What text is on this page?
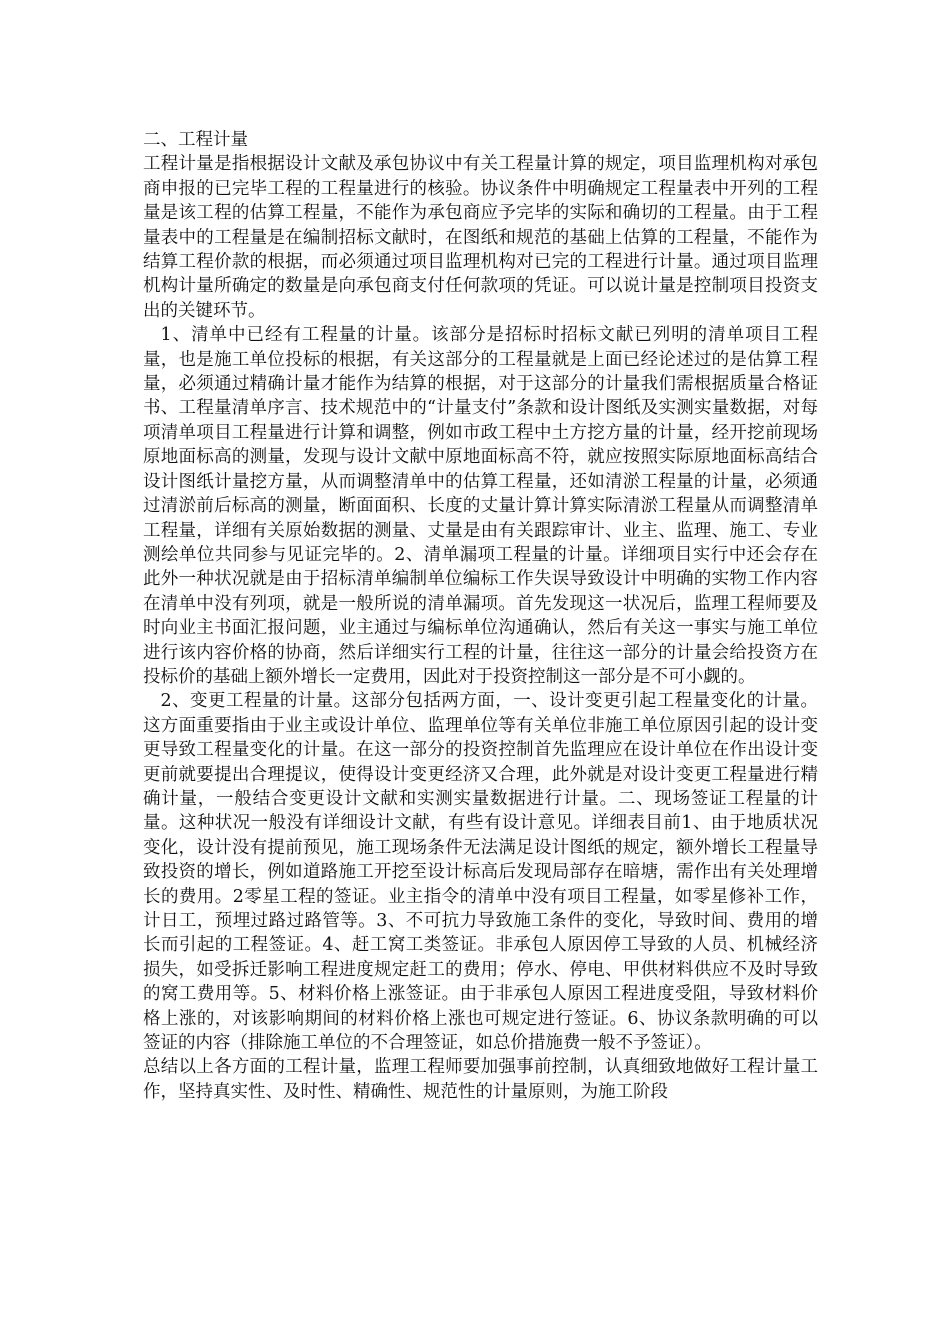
二、工程计量

工程计量是指根据设计文献及承包协议中有关工程量计算的规定，项目监理机构对承包商申报的已完毕工程的工程量进行的核验。协议条件中明确规定工程量表中开列的工程量是该工程的估算工程量，不能作为承包商应予完毕的实际和确切的工程量。由于工程量表中的工程量是在编制招标文献时，在图纸和规范的基础上估算的工程量，不能作为结算工程价款的根据，而必须通过项目监理机构对已完的工程进行计量。通过项目监理机构计量所确定的数量是向承包商支付任何款项的凭证。可以说计量是控制项目投资支出的关键环节。

1、清单中已经有工程量的计量。该部分是招标时招标文献已列明的清单项目工程量，也是施工单位投标的根据，有关这部分的工程量就是上面已经论述过的是估算工程量，必须通过精确计量才能作为结算的根据，对于这部分的计量我们需根据质量合格证书、工程量清单序言、技术规范中的“计量支付”条款和设计图纸及实测实量数据，对每项清单项目工程量进行计算和调整，例如市政工程中土方挖方量的计量，经开挖前现场原地面标高的测量，发现与设计文献中原地面标高不符，就应按照实际原地面标高结合设计图纸计量挖方量，从而调整清单中的估算工程量，还如清淤工程量的计量，必须通过清淤前后标高的测量，断面面积、长度的丈量计算计算实际清淤工程量从而调整清单工程量，详细有关原始数据的测量、丈量是由有关跟踪审计、业主、监理、施工、专业测绘单位共同参与见证完毕的。2、清单漏项工程量的计量。详细项目实行中还会存在此外一种状况就是由于招标清单编制单位编标工作失误导致设计中明确的实物工作内容在清单中没有列项，就是一般所说的清单漏项。首先发现这一状况后，监理工程师要及时向业主书面汇报问题，业主通过与编标单位沟通确认，然后有关这一事实与施工单位进行该内容价格的协商，然后详细实行工程的计量，往往这一部分的计量会给投资方在投标价的基础上额外增长一定费用，因此对于投资控制这一部分是不可小觑的。

2、变更工程量的计量。这部分包括两方面，一、设计变更引起工程量变化的计量。这方面重要指由于业主或设计单位、监理单位等有关单位非施工单位原因引起的设计变更导致工程量变化的计量。在这一部分的投资控制首先监理应在设计单位在作出设计变更前就要提出合理提议，使得设计变更经济又合理，此外就是对设计变更工程量进行精确计量，一般结合变更设计文献和实测实量数据进行计量。二、现场签证工程量的计量。这种状况一般没有详细设计文献，有些有设计意见。详细表目前1、由于地质状况变化，设计没有提前预见，施工现场条件无法满足设计图纸的规定，额外增长工程量导致投资的增长，例如道路施工开挖至设计标高后发现局部存在暗塘，需作出有关处理增长的费用。2零星工程的签证。业主指令的清单中没有项目工程量，如零星修补工作，计日工，预埋过路过路管等。3、不可抗力导致施工条件的变化，导致时间、费用的增长而引起的工程签证。4、赶工窝工类签证。非承包人原因停工导致的人员、机械经济损失，如受拆迁影响工程进度规定赶工的费用；停水、停电、甲供材料供应不及时导致的窝工费用等。5、材料价格上涨签证。由于非承包人原因工程进度受阻，导致材料价格上涨的，对该影响期间的材料价格上涨也可规定进行签证。6、协议条款明确的可以签证的内容（排除施工单位的不合理签证，如总价措施费一般不予签证）。

总结以上各方面的工程计量，监理工程师要加强事前控制，认真细致地做好工程计量工作，坚持真实性、及时性、精确性、规范性的计量原则，为施工阶段
